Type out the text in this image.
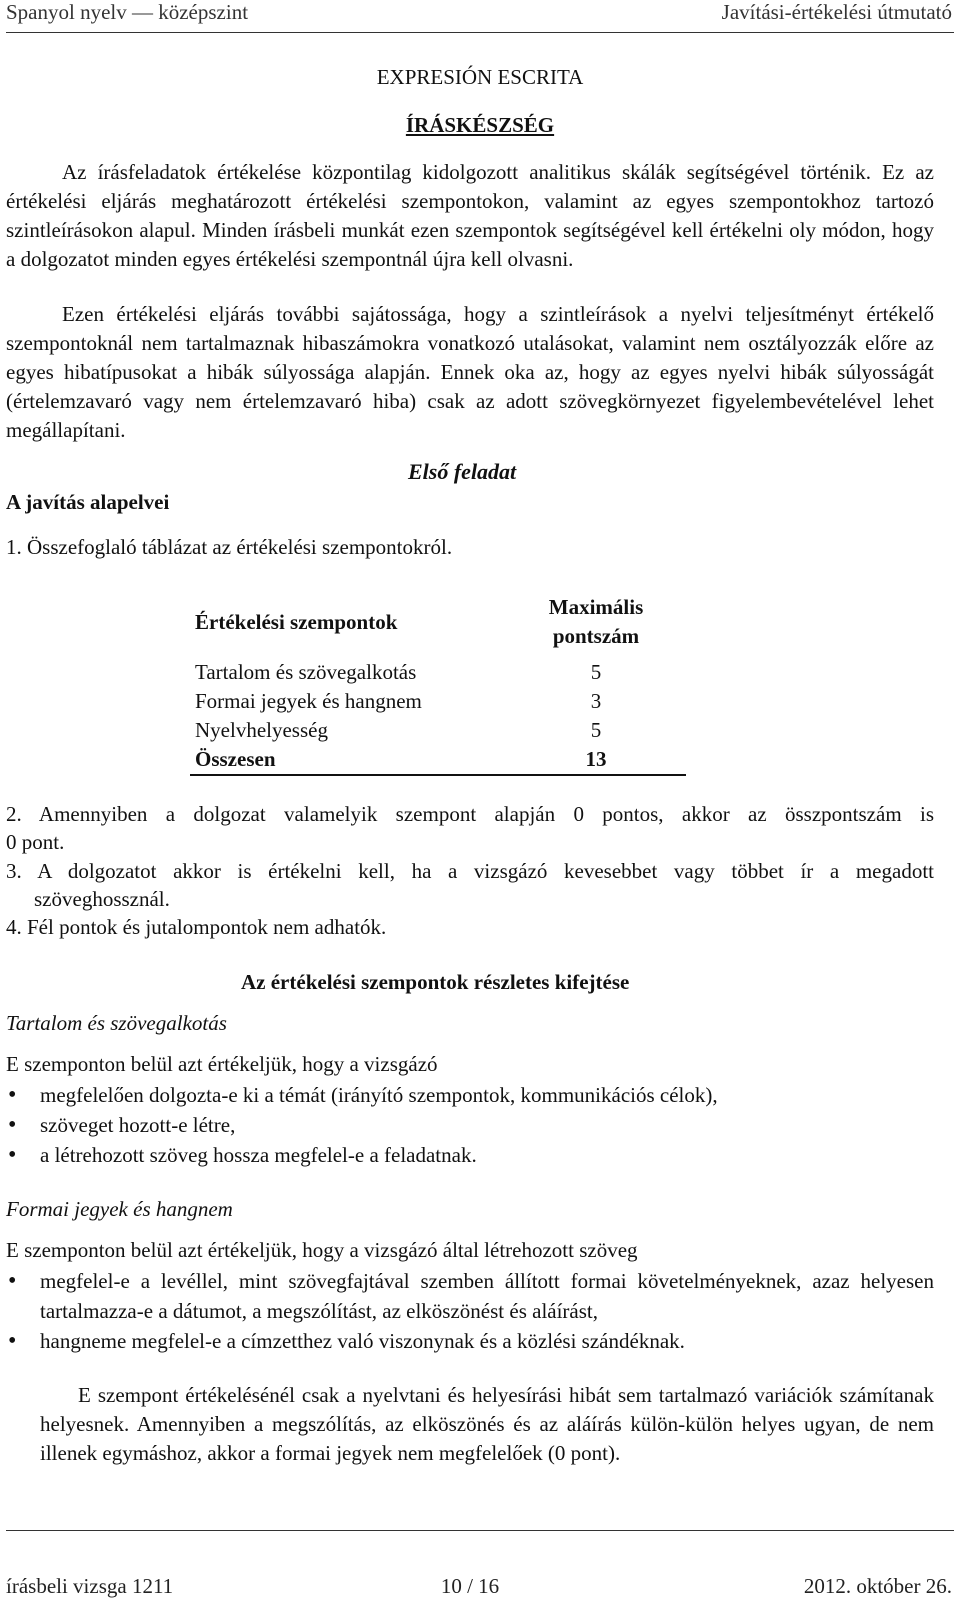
Spanyol nyelv — középszint	Javítási-értékelési útmutató
EXPRESIÓN ESCRITA
ÍRÁSKÉSZSÉG
Az írásfeladatok értékelése központilag kidolgozott analitikus skálák segítségével történik. Ez az értékelési eljárás meghatározott értékelési szempontokon, valamint az egyes szempontokhoz tartozó szintleírásokon alapul. Minden írásbeli munkát ezen szempontok segítségével kell értékelni oly módon, hogy a dolgozatot minden egyes értékelési szempontnál újra kell olvasni.
Ezen értékelési eljárás további sajátossága, hogy a szintleírások a nyelvi teljesítményt értékelő szempontoknál nem tartalmaznak hibaszámokra vonatkozó utalásokat, valamint nem osztályozzák előre az egyes hibatípusokat a hibák súlyossága alapján. Ennek oka az, hogy az egyes nyelvi hibák súlyosságát (értelemzavaró vagy nem értelemzavaró hiba) csak az adott szövegkörnyezet figyelembevételével lehet megállapítani.
Első feladat
A javítás alapelvei
1. Összefoglaló táblázat az értékelési szempontokról.
Értékelési szempontok	Maximális
pontszám
Tartalom és szövegalkotás	5
Formai jegyek és hangnem	3
Nyelvhelyesség	5
Összesen	13
2. Amennyiben a dolgozat valamelyik szempont alapján 0 pontos, akkor az összpontszám is
0 pont.
3. A dolgozatot akkor is értékelni kell, ha a vizsgázó kevesebbet vagy többet ír a megadott
szöveghossznál.
4. Fél pontok és jutalompontok nem adhatók.
Az értékelési szempontok részletes kifejtése
Tartalom és szövegalkotás
E szemponton belül azt értékeljük, hogy a vizsgázó
• megfelelően dolgozta-e ki a témát (irányító szempontok, kommunikációs célok),
• szöveget hozott-e létre,
• a létrehozott szöveg hossza megfelel-e a feladatnak.
Formai jegyek és hangnem
E szemponton belül azt értékeljük, hogy a vizsgázó által létrehozott szöveg
• megfelel-e a levéllel, mint szövegfajtával szemben állított formai követelményeknek, azaz helyesen tartalmazza-e a dátumot, a megszólítást, az elköszönést és aláírást,
• hangneme megfelel-e a címzetthez való viszonynak és a közlési szándéknak.
E szempont értékelésénél csak a nyelvtani és helyesírási hibát sem tartalmazó variációk számítanak helyesnek. Amennyiben a megszólítás, az elköszönés és az aláírás külön-külön helyes ugyan, de nem illenek egymáshoz, akkor a formai jegyek nem megfelelőek (0 pont).
írásbeli vizsga 1211	10 / 16	2012. október 26.
